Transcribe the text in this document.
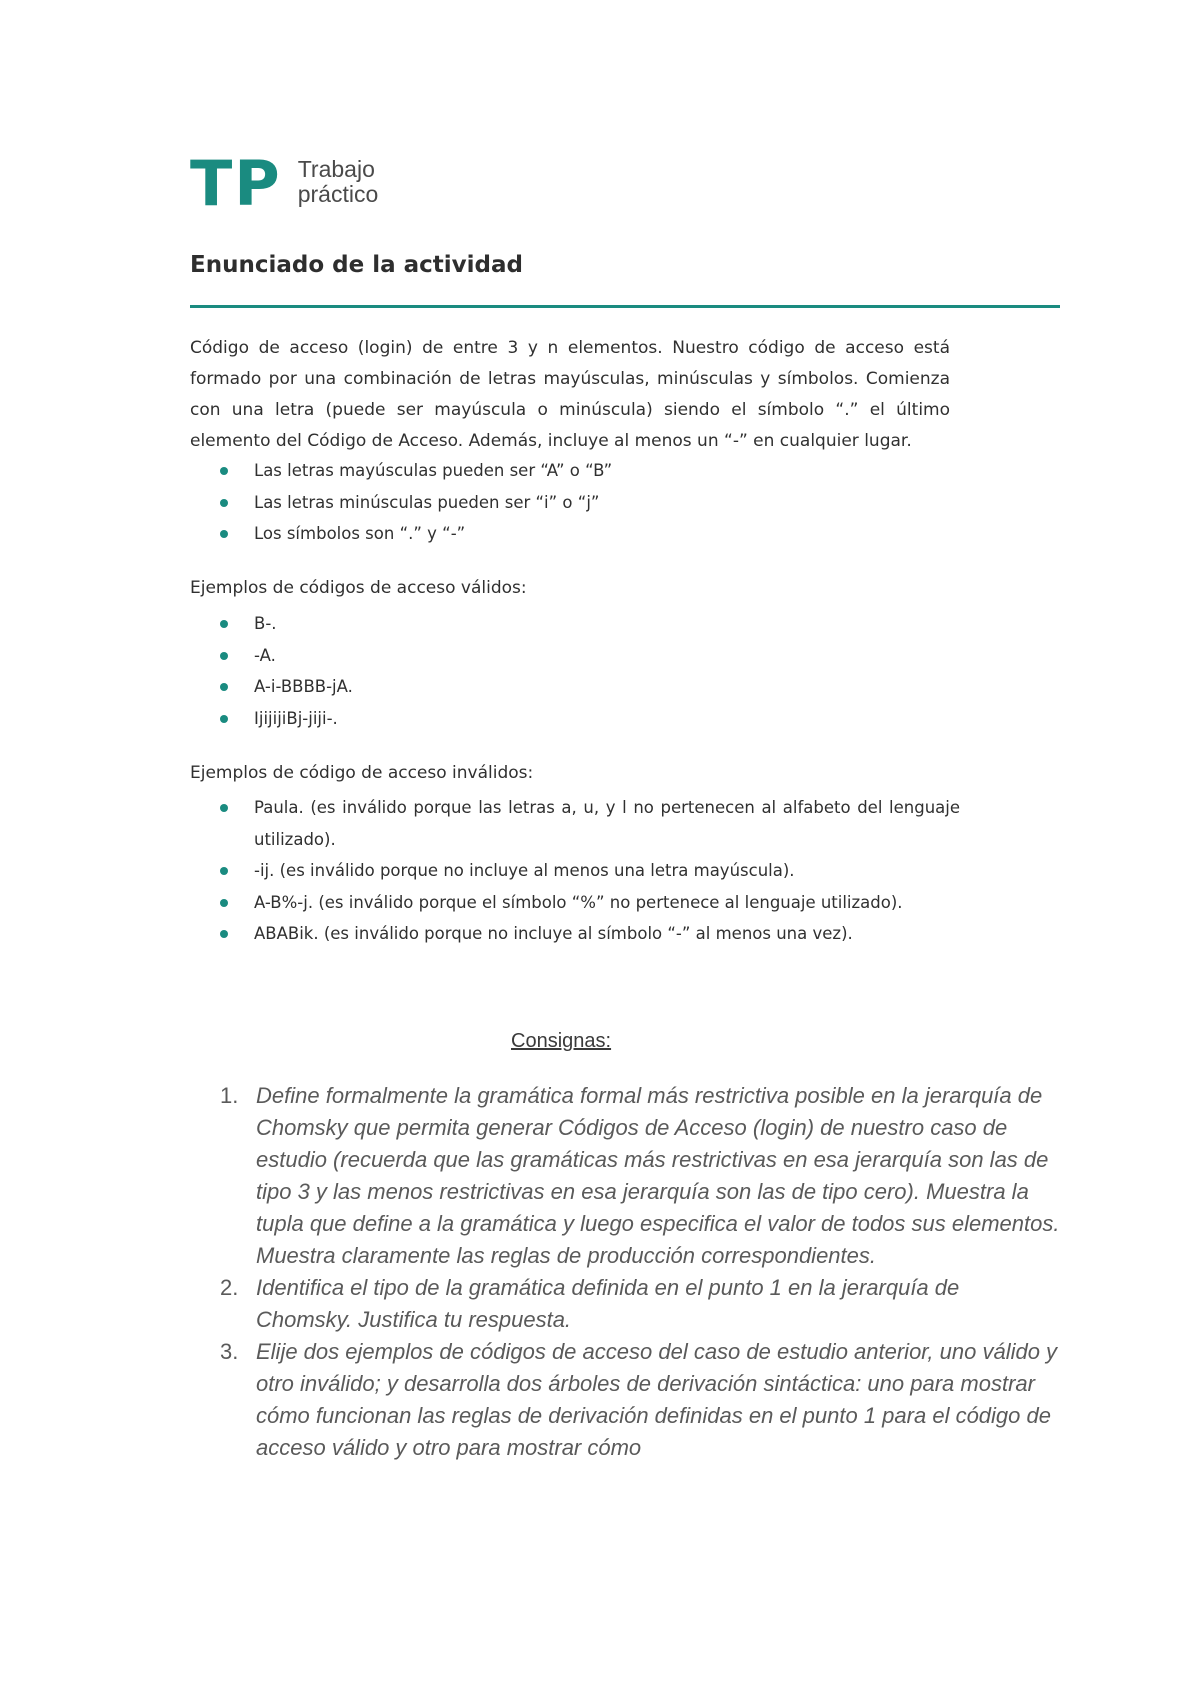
TP Trabajo
práctico
Enunciado de la actividad
Código de acceso (login) de entre 3 y n elementos. Nuestro código de acceso está formado por una combinación de letras mayúsculas, minúsculas y símbolos. Comienza con una letra (puede ser mayúscula o minúscula) siendo el símbolo “.” el último elemento del Código de Acceso. Además, incluye al menos un “-” en cualquier lugar.
Las letras mayúsculas pueden ser “A” o “B”
Las letras minúsculas pueden ser “i” o “j”
Los símbolos son “.” y “-”
Ejemplos de códigos de acceso válidos:
B-.
-A.
A-i-BBBB-jA.
IjijijiBj-jiji-.
Ejemplos de código de acceso inválidos:
Paula. (es inválido porque las letras a, u, y l no pertenecen al alfabeto del lenguaje utilizado).
-ij. (es inválido porque no incluye al menos una letra mayúscula).
A-B%-j. (es inválido porque el símbolo “%” no pertenece al lenguaje utilizado).
ABABik. (es inválido porque no incluye al símbolo “-” al menos una vez).
Consignas:
1. Define formalmente la gramática formal más restrictiva posible en la jerarquía de Chomsky que permita generar Códigos de Acceso (login) de nuestro caso de estudio (recuerda que las gramáticas más restrictivas en esa jerarquía son las de tipo 3 y las menos restrictivas en esa jerarquía son las de tipo cero). Muestra la tupla que define a la gramática y luego especifica el valor de todos sus elementos. Muestra claramente las reglas de producción correspondientes.
2. Identifica el tipo de la gramática definida en el punto 1 en la jerarquía de Chomsky. Justifica tu respuesta.
3. Elije dos ejemplos de códigos de acceso del caso de estudio anterior, uno válido y otro inválido; y desarrolla dos árboles de derivación sintáctica: uno para mostrar cómo funcionan las reglas de derivación definidas en el punto 1 para el código de acceso válido y otro para mostrar cómo
